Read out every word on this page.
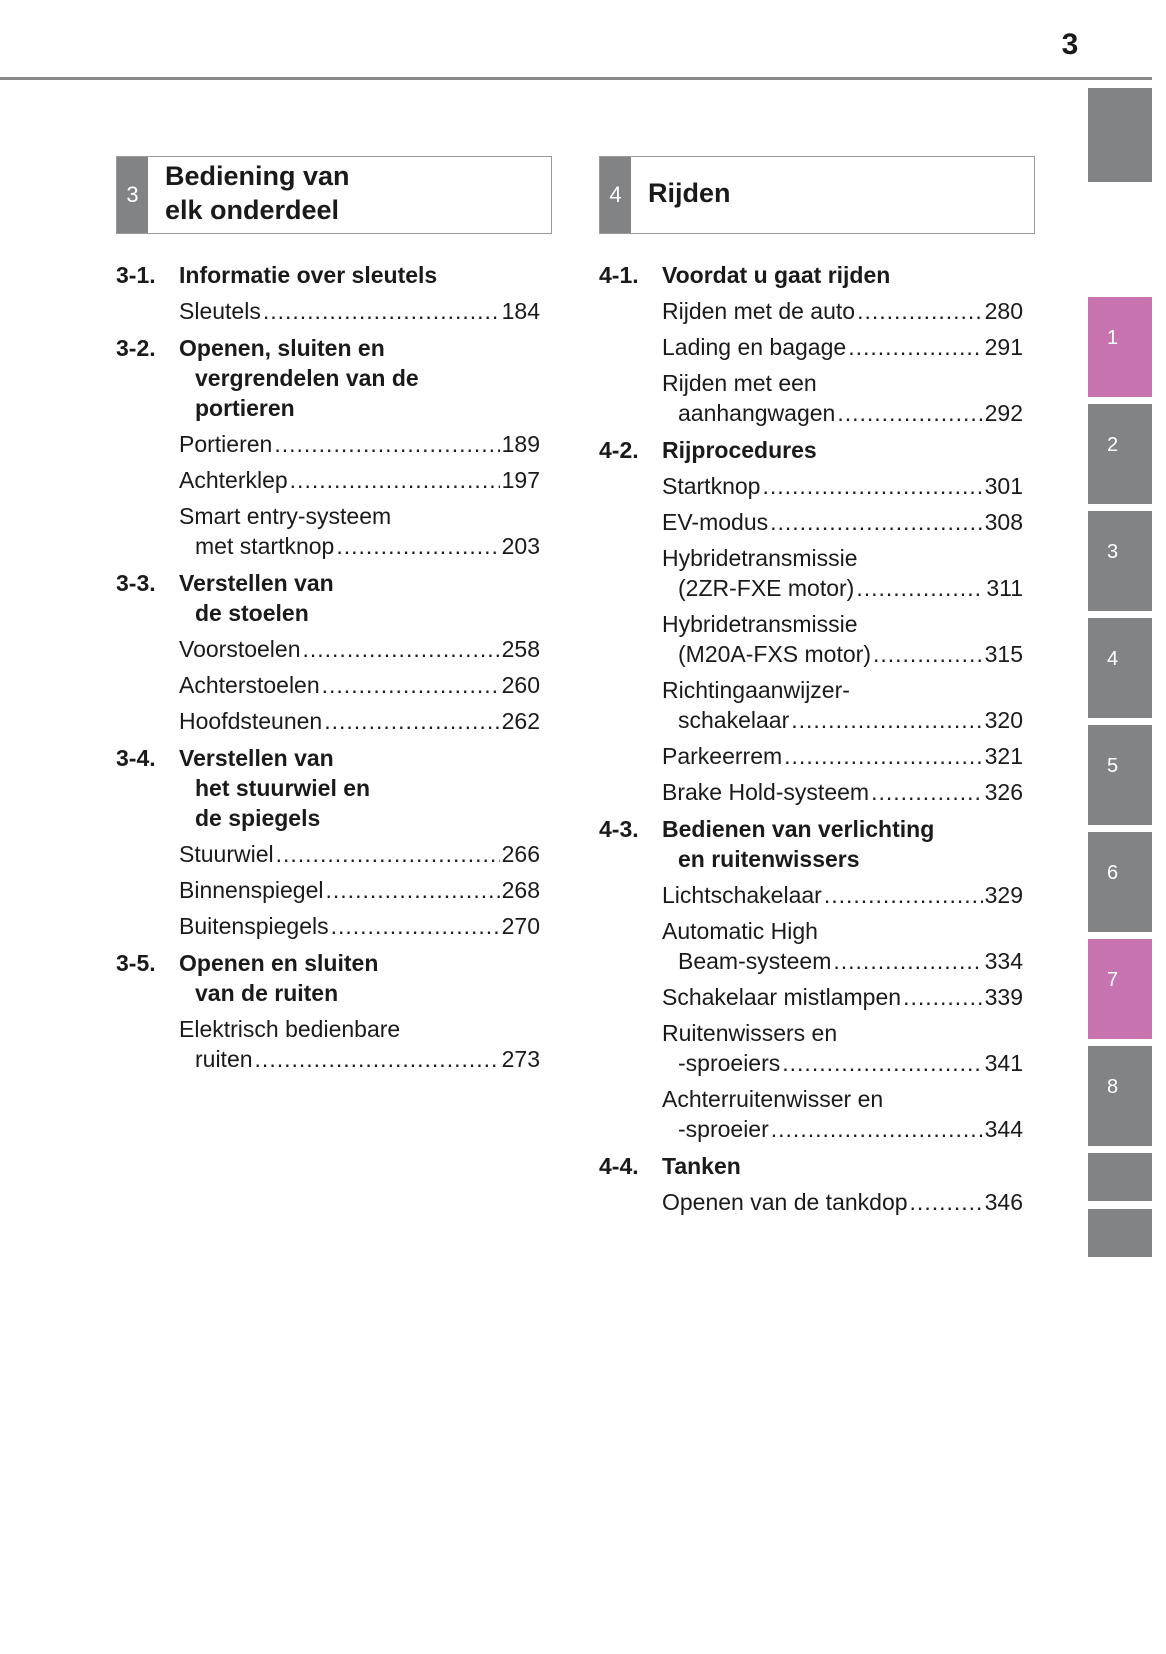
3
1
2
3
4
5
6
7
8
3
Bediening van
elk onderdeel
4 Rijden
3-1.	Informatie over sleutels
Sleutels .....	184
3-2.	Openen, sluiten en
vergrendelen van de
portieren
Portieren .....	189
Achterklep .....	197
Smart entry-systeem
met startknop .....	203
3-3.	Verstellen van
de stoelen
Voorstoelen .....	258
Achterstoelen .....	260
Hoofdsteunen .....	262
3-4.	Verstellen van
het stuurwiel en
de spiegels
Stuurwiel .....	266
Binnenspiegel .....	268
Buitenspiegels .....	270
3-5.	Openen en sluiten
van de ruiten
Elektrisch bedienbare
ruiten .....	273
4-1.	Voordat u gaat rijden
Rijden met de auto .....	280
Lading en bagage .....	291
Rijden met een
aanhangwagen .....	292
4-2.	Rijprocedures
Startknop .....	301
EV-modus .....	308
Hybridetransmissie
(2ZR-FXE motor) .....	311
Hybridetransmissie
(M20A-FXS motor) .....	315
Richtingaanwijzer-
schakelaar .....	320
Parkeerrem .....	321
Brake Hold-systeem .....	326
4-3.	Bedienen van verlichting
en ruitenwissers
Lichtschakelaar .....	329
Automatic High
Beam-systeem .....	334
Schakelaar mistlampen .....	339
Ruitenwissers en
-sproeiers .....	341
Achterruitenwisser en
-sproeier .....	344
4-4.	Tanken
Openen van de tankdop .....	346
